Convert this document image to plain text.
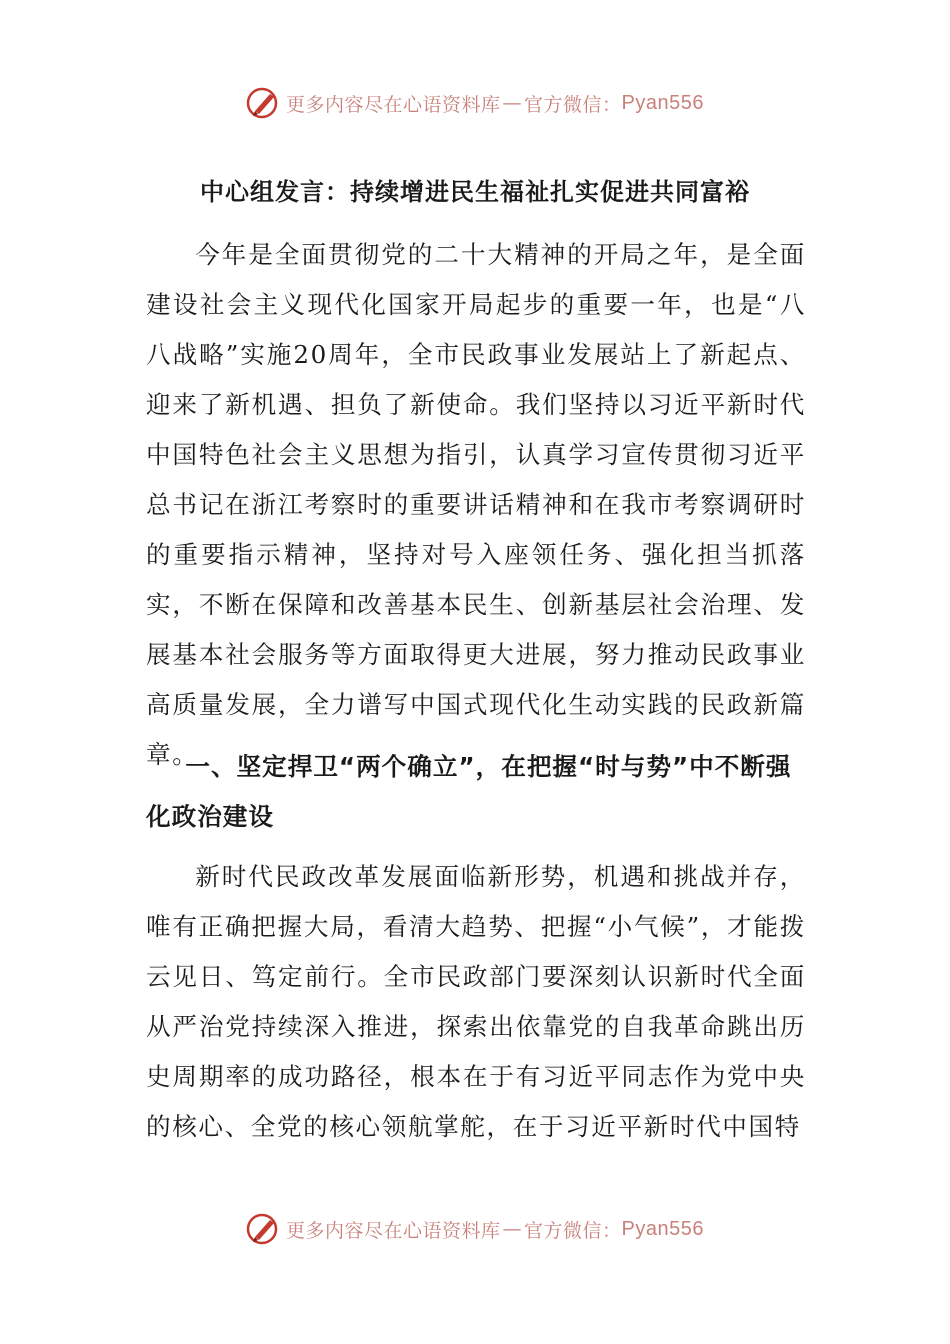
更多内容尽在心语资料库 — 官方微信： Pyan556
中心组发言：持续增进民生福祉扎实促进共同富裕

今年是全面贯彻党的二十大精神的开局之年，是全面建设社会主义现代化国家开局起步的重要一年，也是“八八战略”实施20周年，全市民政事业发展站上了新起点、迎来了新机遇、担负了新使命。我们坚持以习近平新时代中国特色社会主义思想为指引，认真学习宣传贯彻习近平总书记在浙江考察时的重要讲话精神和在我市考察调研时的重要指示精神，坚持对号入座领任务、强化担当抓落实，不断在保障和改善基本民生、创新基层社会治理、发展基本社会服务等方面取得更大进展，努力推动民政事业高质量发展，全力谱写中国式现代化生动实践的民政新篇章。

一、坚定捍卫“两个确立”，在把握“时与势”中不断强化政治建设

新时代民政改革发展面临新形势，机遇和挑战并存，唯有正确把握大局，看清大趋势、把握“小气候”，才能拨云见日、笃定前行。全市民政部门要深刻认识新时代全面从严治党持续深入推进，探索出依靠党的自我革命跳出历史周期率的成功路径，根本在于有习近平同志作为党中央的核心、全党的核心领航掌舵，在于习近平新时代中国特

更多内容尽在心语资料库 — 官方微信： Pyan556
